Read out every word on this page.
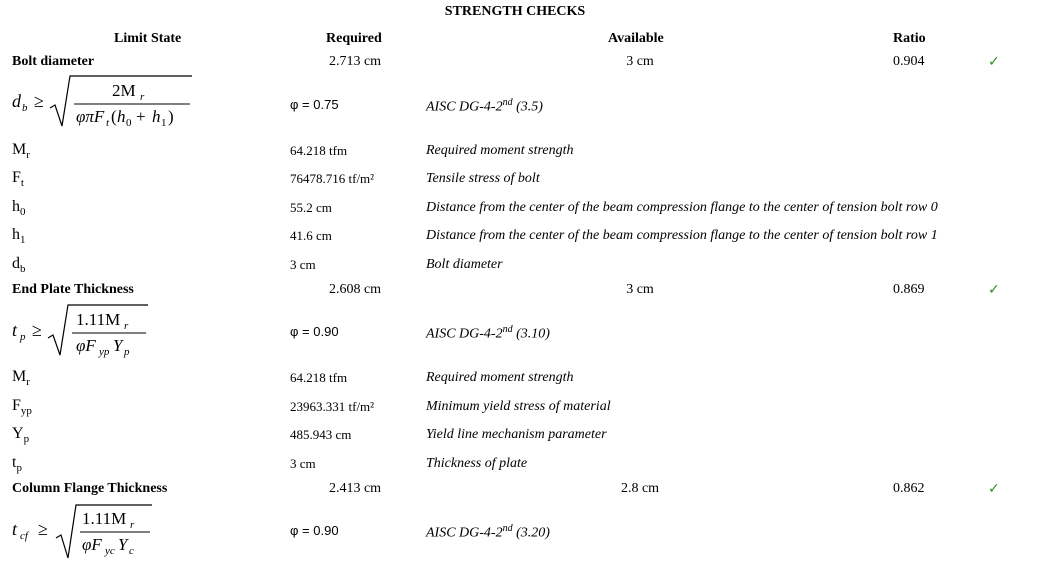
STRENGTH CHECKS
Limit State	Required	Available	Ratio
Bolt diameter	2.713 cm	3 cm	0.904	✓
d b ≥
2M r
φπF t ( h 0 + h 1 )
φ = 0.75	AISC DG-4-2nd (3.5)
$M_r$	64.218 tfm	Required moment strength
$F_t$	76478.716 tf/m²	Tensile stress of bolt
$h_0$	55.2 cm	Distance from the center of the beam compression flange to the center of tension bolt row 0
$h_1$	41.6 cm	Distance from the center of the beam compression flange to the center of tension bolt row 1
$d_b$	3 cm	Bolt diameter
End Plate Thickness	2.608 cm	3 cm	0.869	✓
t p ≥
1.11M r
φF yp Y p
φ = 0.90	AISC DG-4-2nd (3.10)
$M_r$	64.218 tfm	Required moment strength
$F_{yp}$	23963.331 tf/m²	Minimum yield stress of material
$Y_p$	485.943 cm	Yield line mechanism parameter
$t_p$	3 cm	Thickness of plate
Column Flange Thickness	2.413 cm	2.8 cm	0.862	✓
t cf ≥
1.11M r
φF yc Y c
φ = 0.90	AISC DG-4-2nd (3.20)
